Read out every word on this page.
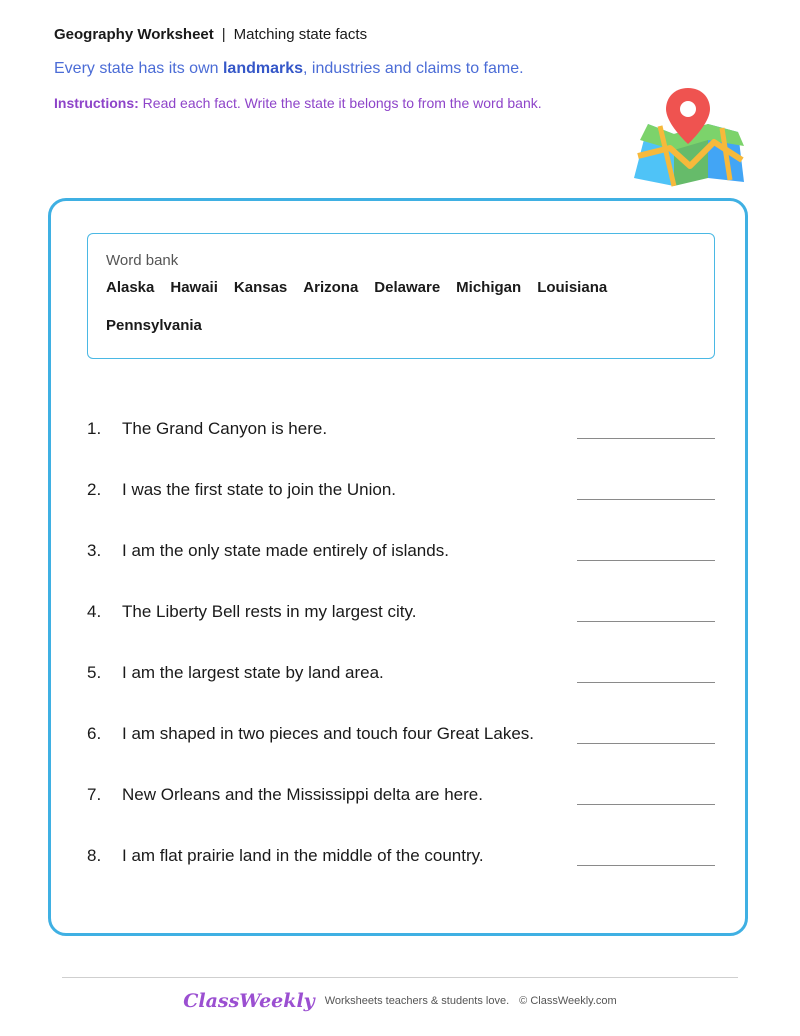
Geography Worksheet | Matching state facts
Every state has its own landmarks, industries and claims to fame.
Instructions: Read each fact. Write the state it belongs to from the word bank.
Word bank
Alaska Hawaii Kansas Arizona Delaware Michigan Louisiana
Pennsylvania
1. The Grand Canyon is here.
2. I was the first state to join the Union.
3. I am the only state made entirely of islands.
4. The Liberty Bell rests in my largest city.
5. I am the largest state by land area.
6. I am shaped in two pieces and touch four Great Lakes.
7. New Orleans and the Mississippi delta are here.
8. I am flat prairie land in the middle of the country.
ClassWeekly Worksheets teachers & students love. © ClassWeekly.com
